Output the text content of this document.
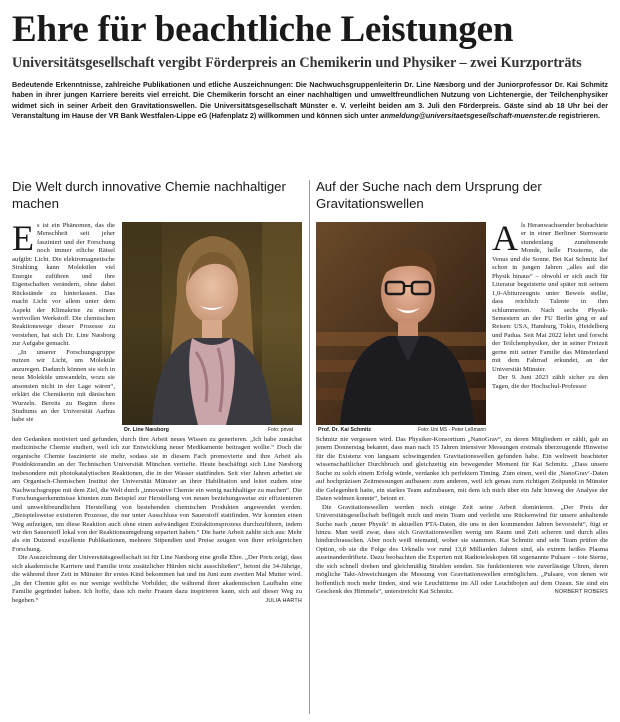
Ehre für beachtliche Leistungen
Universitätsgesellschaft vergibt Förderpreis an Chemikerin und Physiker – zwei Kurzporträts

Bedeutende Erkenntnisse, zahlreiche Publikationen und etliche Auszeichnungen: Die Nachwuchsgruppenleiterin Dr. Line Næsborg und der Juniorprofessor Dr. Kai Schmitz haben in ihrer jungen Karriere bereits viel erreicht. Die Chemikerin forscht an einer nachhaltigen und umweltfreundlichen Nutzung von Lichtenergie, der Teilchenphysiker widmet sich in seiner Arbeit den Gravitationswellen. Die Universitätsgesellschaft Münster e. V. verleiht beiden am 3. Juli den Förderpreis. Gäste sind ab 18 Uhr bei der Veranstaltung im Hause der VR Bank Westfalen-Lippe eG (Hafenplatz 2) willkommen und können sich unter anmeldung@universitaetsgesellschaft-muenster.de registrieren.

Die Welt durch innovative Chemie nachhaltiger machen

Es ist ein Phänomen, das die Menschheit seit jeher fasziniert und der Forschung noch immer etliche Rätsel aufgibt: Licht. Die elektromagnetische Strahlung kann Molekülen viel Energie zuführen und ihre Eigenschaften verändern, ohne dabei Rückstände zu hinterlassen. Das macht Licht vor allem unter dem Aspekt der Klimakrise zu einem wertvollen Werkstoff. Die chemischen Reaktionswege dieser Prozesse zu verstehen, hat sich Dr. Line Næsborg zur Aufgabe gemacht.

„In unserer Forschungsgruppe nutzen wir Licht, um Moleküle anzuregen. Dadurch können sie sich in neue Moleküle umwandeln, wozu sie ansonsten nicht in der Lage wären“, erklärt die Chemikerin mit dänischen Wurzeln. Bereits zu Beginn ihres Studiums an der Universität Aarhus habe sie

Dr. Line Næsborg	Foto: privat

den Gedanken motiviert und gefunden, durch ihre Arbeit neues Wissen zu generieren. „Ich habe zunächst medizinische Chemie studiert, weil ich zur Entwicklung neuer Medikamente beitragen wollte.“ Doch die organische Chemie faszinierte sie mehr, sodass sie in diesem Fach promovierte und ihre Arbeit als Postdoktorandin an der Technischen Universität München vertiefte. Heute beschäftigt sich Line Næsborg insbesondere mit photokatalytischen Reaktionen, die in der Wasser stattfinden. Seit vier Jahren arbeitet sie am Organisch-Chemischen Institut der Universität Münster an ihrer Habilitation und leitet zudem eine Nachwuchsgruppe mit dem Ziel, die Welt durch „innovative Chemie ein wenig nachhaltiger zu machen“. Die Forschungserkenntnisse könnten zum Beispiel zur Herstellung von neuen beziehungsweise zur effizienteren und umweltfreundlichen Herstellung von bestehenden chemischen Produkten angewendet werden. „Beispielsweise existieren Prozesse, die nur unter Ausschluss von Sauerstoff stattfinden. Wir konnten einen Weg aufzeigen, um diese Reaktion auch ohne einen aufwändigen Extraktionsprozess durchzuführen, indem wir den Sauerstoff lokal von der Reaktionsumgebung separiert haben.“ Die harte Arbeit zahlte sich aus: Mehr als ein Dutzend exzellente Publikationen, mehrere Stipendien und Preise zeugen von ihrer erfolgreichen Forschung.

Die Auszeichnung der Universitätsgesellschaft ist für Line Næsborg eine große Ehre. „Der Preis zeigt, dass sich akademische Karriere und Familie trotz zusätzlicher Hürden nicht ausschließen“, betont die 34-Jährige, die während ihrer Zeit in Münster ihr erstes Kind bekommen hat und im Juni zum zweiten Mal Mutter wird. „In der Chemie gibt es nur wenige weibliche Vorbilder, die während ihrer akademischen Laufbahn eine Familie gegründet haben. Ich hoffe, dass ich mehr Frauen dazu inspirieren kann, sich auf dieser Weg zu begeben.“	JULIA HARTH

Auf der Suche nach dem Ursprung der Gravitationswellen
Prof. Dr. Kai Schmitz	Foto: Uni MS - Peter Leßmann

Als Heranwachsender beobachtete er in einer Berliner Sternwarte stundenlang zunehmende Monde, helle Fixsterne, die Venus und die Sonne. Bei Kai Schmitz lief schon in jungen Jahren „alles auf die Physik hinaus“ – obwohl er sich auch für Literatur begeisterte und später mit seinem 1,0-Abiturzeugnis unter Beweis stellte, dass reichlich Talente in ihm schlummerten. Nach sechs Physik-Semestern an der FU Berlin ging er auf Reisen: USA, Hamburg, Tokio, Heidelberg und Padua. Seit Mai 2022 lehrt und forscht der Teilchenphysiker, der in seiner Freizeit gerne mit seiner Familie das Münsterland mit dem Fahrrad erkundet, an der Universität Münster.

Der 9. Juni 2023 zählt sicher zu den Tagen, die der Hochschul-Professor

Schmitz nie vergessen wird. Das Physiker-Konsortium „NanoGrav“, zu deren Mitgliedern er zählt, gab an jenem Donnerstag bekannt, dass man nach 15 Jahren intensiver Messungen erstmals überzeugende Hinweise für die Existenz von langsam schwingenden Gravitationswellen gefunden habe. Ein weltweit beachteter wissenschaftlicher Durchbruch und gleichzeitig ein bewegender Moment für Kai Schmitz. „Dass unsere Suche zu solch einem Erfolg würde, verdanke ich perfektem Timing. Zum einen, weil die ‚NanoGrav‘-Daten auf hochpräzisen Zeitmessungen aufbauen: zum anderen, weil ich genau zum richtigen Zeitpunkt in Münster die Gelegenheit hatte, ein starkes Team aufzubauen, mit dem ich mich über ein Jahr hinweg der Analyse der Daten widmen konnte“, betont er.

Die Gravitationswellen werden noch einige Zeit seine Arbeit dominieren. „Der Preis der Universitätsgesellschaft beflügelt mich und mein Team und verleiht uns Rückenwind für unsere anhaltende Suche nach ‚neuer Physik‘ in aktuellen PTA-Daten, die uns in den kommenden Jahren bevorsteht“, fügt er hinzu. Man weiß zwar, dass sich Gravitationswellen wenig um Raum und Zeit scheren und durch alles hindurchrauschen. Aber noch weiß niemand, woher sie stammen. Kai Schmitz und sein Team prüfen die Option, ob sie die Folge des Urknalls vor rund 13,8 Milliarden Jahren sind, als extrem heißes Plasma auseinanderdriftete. Dazu beobachten die Experten mit Radioteleskopen 68 sogenannte Pulsare – tote Sterne, die sich schnell drehen und gleichmäßig Strahlen senden. Sie funktionieren wie zuverlässige Uhren, deren mögliche Takt-Abweichungen die Messung von Gravitationswellen ermöglichen. „Pulsare, von denen wir hoffentlich noch mehr finden, sind wie Leuchttürme im All oder Leuchtbojen auf dem Ozean. Sie sind ein Geschenk des Himmels“, unterstreicht Kai Schmitz.	NORBERT ROBERS
